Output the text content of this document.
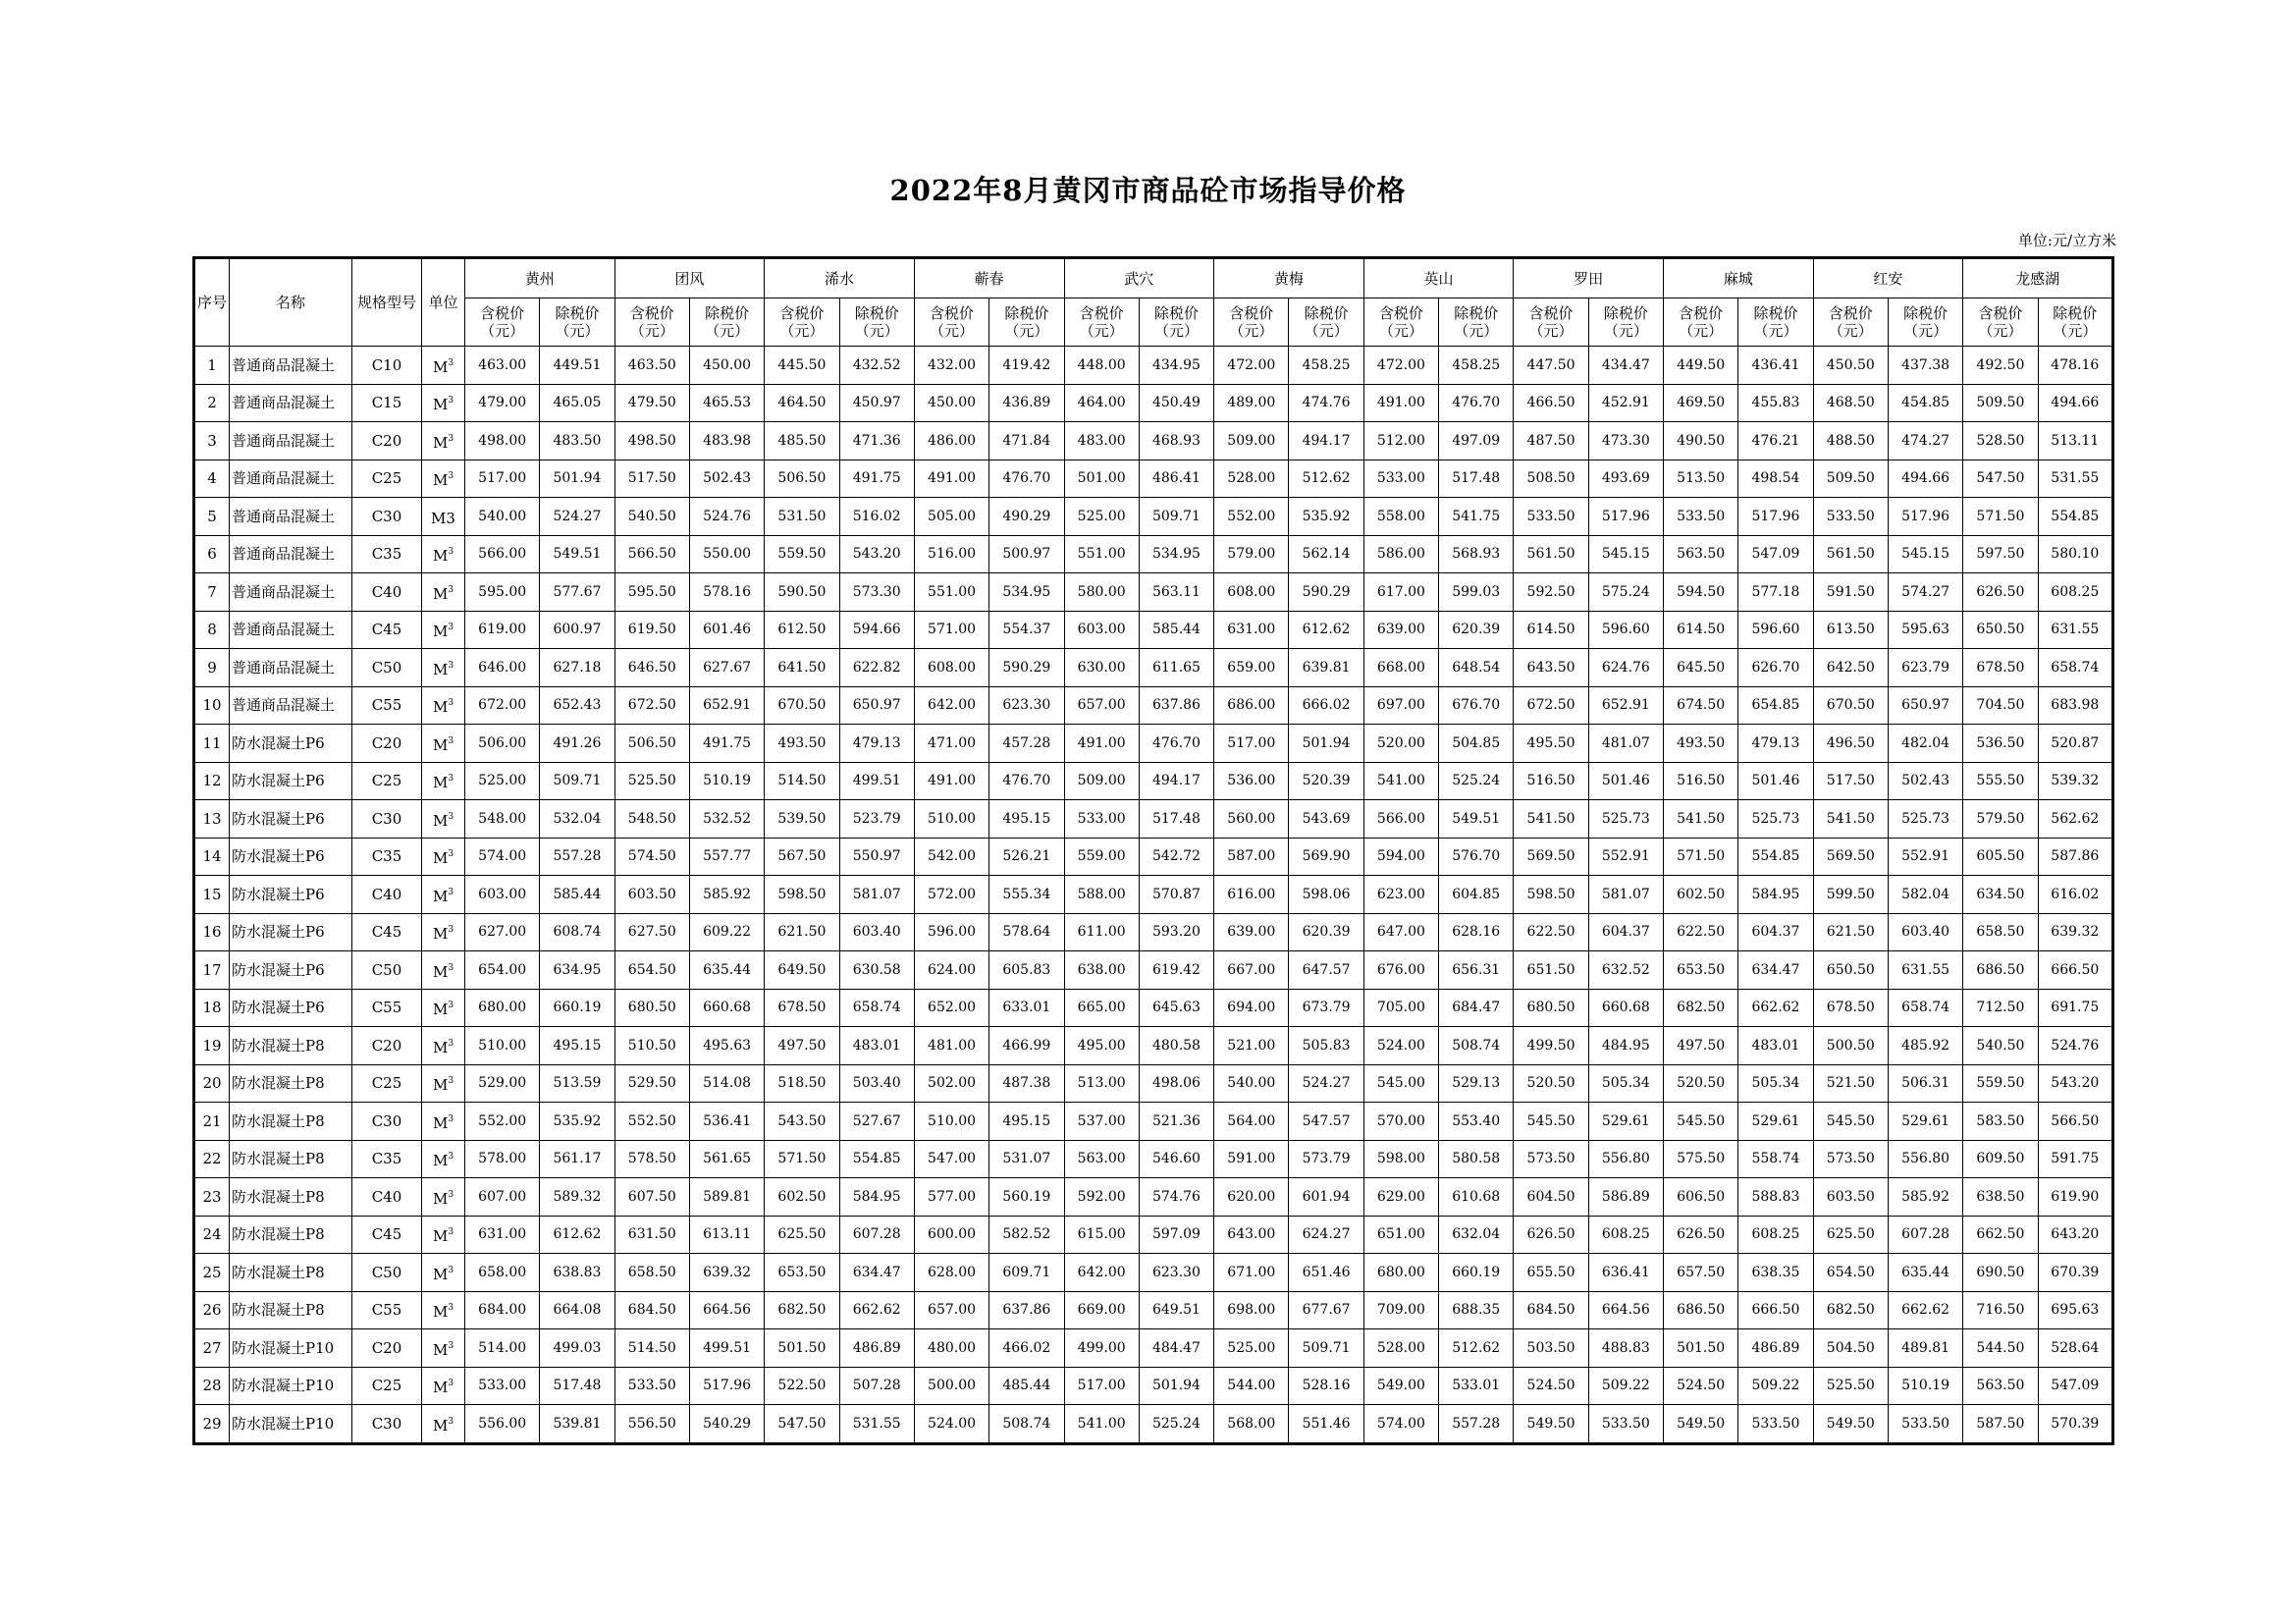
2022年8月黄冈市商品砼市场指导价格
单位:元/立方米
序号	名称	规格型号	单位	黄州		团风		浠水		蕲春		武穴		黄梅		英山		罗田		麻城		红安		龙感湖	
				含税价（元）	除税价（元）	含税价（元）	除税价（元）	含税价（元）	除税价（元）	含税价（元）	除税价（元）	含税价（元）	除税价（元）	含税价（元）	除税价（元）	含税价（元）	除税价（元）	含税价（元）	除税价（元）	含税价（元）	除税价（元）	含税价（元）	除税价（元）	含税价（元）	除税价（元）
1	普通商品混凝土	C10	$M^3$	463.00	449.51	463.50	450.00	445.50	432.52	432.00	419.42	448.00	434.95	472.00	458.25	472.00	458.25	447.50	434.47	449.50	436.41	450.50	437.38	492.50	478.16
2	普通商品混凝土	C15	$M^3$	479.00	465.05	479.50	465.53	464.50	450.97	450.00	436.89	464.00	450.49	489.00	474.76	491.00	476.70	466.50	452.91	469.50	455.83	468.50	454.85	509.50	494.66
3	普通商品混凝土	C20	$M^3$	498.00	483.50	498.50	483.98	485.50	471.36	486.00	471.84	483.00	468.93	509.00	494.17	512.00	497.09	487.50	473.30	490.50	476.21	488.50	474.27	528.50	513.11
4	普通商品混凝土	C25	$M^3$	517.00	501.94	517.50	502.43	506.50	491.75	491.00	476.70	501.00	486.41	528.00	512.62	533.00	517.48	508.50	493.69	513.50	498.54	509.50	494.66	547.50	531.55
5	普通商品混凝土	C30	M3	540.00	524.27	540.50	524.76	531.50	516.02	505.00	490.29	525.00	509.71	552.00	535.92	558.00	541.75	533.50	517.96	533.50	517.96	533.50	517.96	571.50	554.85
6	普通商品混凝土	C35	$M^3$	566.00	549.51	566.50	550.00	559.50	543.20	516.00	500.97	551.00	534.95	579.00	562.14	586.00	568.93	561.50	545.15	563.50	547.09	561.50	545.15	597.50	580.10
7	普通商品混凝土	C40	$M^3$	595.00	577.67	595.50	578.16	590.50	573.30	551.00	534.95	580.00	563.11	608.00	590.29	617.00	599.03	592.50	575.24	594.50	577.18	591.50	574.27	626.50	608.25
8	普通商品混凝土	C45	$M^3$	619.00	600.97	619.50	601.46	612.50	594.66	571.00	554.37	603.00	585.44	631.00	612.62	639.00	620.39	614.50	596.60	614.50	596.60	613.50	595.63	650.50	631.55
9	普通商品混凝土	C50	$M^3$	646.00	627.18	646.50	627.67	641.50	622.82	608.00	590.29	630.00	611.65	659.00	639.81	668.00	648.54	643.50	624.76	645.50	626.70	642.50	623.79	678.50	658.74
10	普通商品混凝土	C55	$M^3$	672.00	652.43	672.50	652.91	670.50	650.97	642.00	623.30	657.00	637.86	686.00	666.02	697.00	676.70	672.50	652.91	674.50	654.85	670.50	650.97	704.50	683.98
11	防水混凝土P6	C20	$M^3$	506.00	491.26	506.50	491.75	493.50	479.13	471.00	457.28	491.00	476.70	517.00	501.94	520.00	504.85	495.50	481.07	493.50	479.13	496.50	482.04	536.50	520.87
12	防水混凝土P6	C25	$M^3$	525.00	509.71	525.50	510.19	514.50	499.51	491.00	476.70	509.00	494.17	536.00	520.39	541.00	525.24	516.50	501.46	516.50	501.46	517.50	502.43	555.50	539.32
13	防水混凝土P6	C30	$M^3$	548.00	532.04	548.50	532.52	539.50	523.79	510.00	495.15	533.00	517.48	560.00	543.69	566.00	549.51	541.50	525.73	541.50	525.73	541.50	525.73	579.50	562.62
14	防水混凝土P6	C35	$M^3$	574.00	557.28	574.50	557.77	567.50	550.97	542.00	526.21	559.00	542.72	587.00	569.90	594.00	576.70	569.50	552.91	571.50	554.85	569.50	552.91	605.50	587.86
15	防水混凝土P6	C40	$M^3$	603.00	585.44	603.50	585.92	598.50	581.07	572.00	555.34	588.00	570.87	616.00	598.06	623.00	604.85	598.50	581.07	602.50	584.95	599.50	582.04	634.50	616.02
16	防水混凝土P6	C45	$M^3$	627.00	608.74	627.50	609.22	621.50	603.40	596.00	578.64	611.00	593.20	639.00	620.39	647.00	628.16	622.50	604.37	622.50	604.37	621.50	603.40	658.50	639.32
17	防水混凝土P6	C50	$M^3$	654.00	634.95	654.50	635.44	649.50	630.58	624.00	605.83	638.00	619.42	667.00	647.57	676.00	656.31	651.50	632.52	653.50	634.47	650.50	631.55	686.50	666.50
18	防水混凝土P6	C55	$M^3$	680.00	660.19	680.50	660.68	678.50	658.74	652.00	633.01	665.00	645.63	694.00	673.79	705.00	684.47	680.50	660.68	682.50	662.62	678.50	658.74	712.50	691.75
19	防水混凝土P8	C20	$M^3$	510.00	495.15	510.50	495.63	497.50	483.01	481.00	466.99	495.00	480.58	521.00	505.83	524.00	508.74	499.50	484.95	497.50	483.01	500.50	485.92	540.50	524.76
20	防水混凝土P8	C25	$M^3$	529.00	513.59	529.50	514.08	518.50	503.40	502.00	487.38	513.00	498.06	540.00	524.27	545.00	529.13	520.50	505.34	520.50	505.34	521.50	506.31	559.50	543.20
21	防水混凝土P8	C30	$M^3$	552.00	535.92	552.50	536.41	543.50	527.67	510.00	495.15	537.00	521.36	564.00	547.57	570.00	553.40	545.50	529.61	545.50	529.61	545.50	529.61	583.50	566.50
22	防水混凝土P8	C35	$M^3$	578.00	561.17	578.50	561.65	571.50	554.85	547.00	531.07	563.00	546.60	591.00	573.79	598.00	580.58	573.50	556.80	575.50	558.74	573.50	556.80	609.50	591.75
23	防水混凝土P8	C40	$M^3$	607.00	589.32	607.50	589.81	602.50	584.95	577.00	560.19	592.00	574.76	620.00	601.94	629.00	610.68	604.50	586.89	606.50	588.83	603.50	585.92	638.50	619.90
24	防水混凝土P8	C45	$M^3$	631.00	612.62	631.50	613.11	625.50	607.28	600.00	582.52	615.00	597.09	643.00	624.27	651.00	632.04	626.50	608.25	626.50	608.25	625.50	607.28	662.50	643.20
25	防水混凝土P8	C50	$M^3$	658.00	638.83	658.50	639.32	653.50	634.47	628.00	609.71	642.00	623.30	671.00	651.46	680.00	660.19	655.50	636.41	657.50	638.35	654.50	635.44	690.50	670.39
26	防水混凝土P8	C55	$M^3$	684.00	664.08	684.50	664.56	682.50	662.62	657.00	637.86	669.00	649.51	698.00	677.67	709.00	688.35	684.50	664.56	686.50	666.50	682.50	662.62	716.50	695.63
27	防水混凝土P10	C20	$M^3$	514.00	499.03	514.50	499.51	501.50	486.89	480.00	466.02	499.00	484.47	525.00	509.71	528.00	512.62	503.50	488.83	501.50	486.89	504.50	489.81	544.50	528.64
28	防水混凝土P10	C25	$M^3$	533.00	517.48	533.50	517.96	522.50	507.28	500.00	485.44	517.00	501.94	544.00	528.16	549.00	533.01	524.50	509.22	524.50	509.22	525.50	510.19	563.50	547.09
29	防水混凝土P10	C30	$M^3$	556.00	539.81	556.50	540.29	547.50	531.55	524.00	508.74	541.00	525.24	568.00	551.46	574.00	557.28	549.50	533.50	549.50	533.50	549.50	533.50	587.50	570.39
